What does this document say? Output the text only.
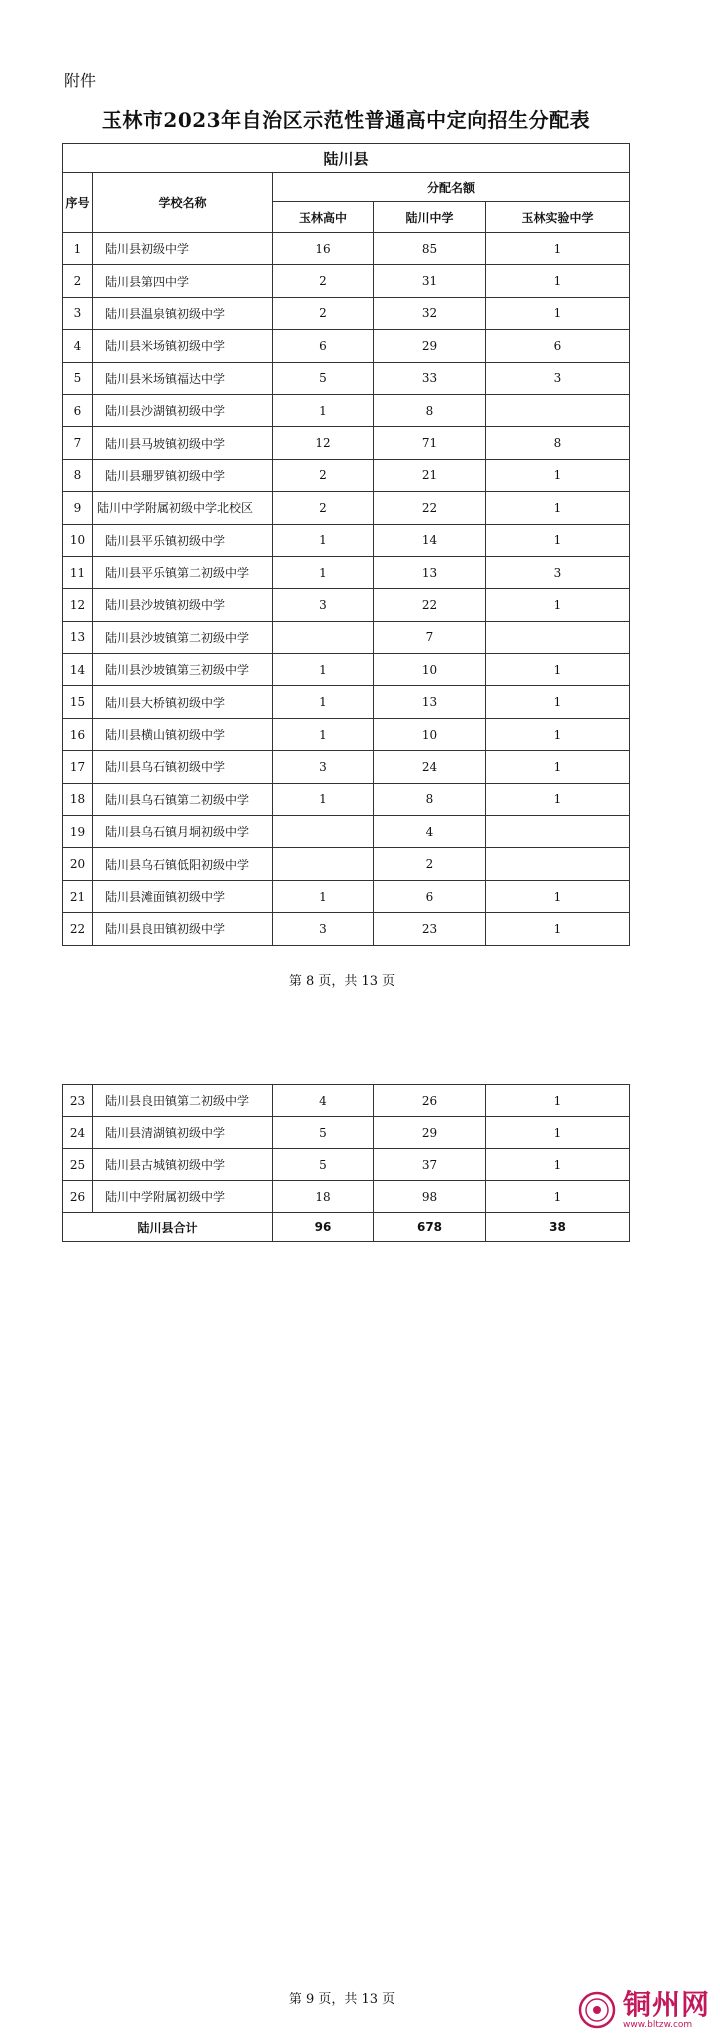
附件
玉林市2023年自治区示范性普通高中定向招生分配表
陆川县				
序号	学校名称	分配名额		
		玉林高中	陆川中学	玉林实验中学
1	陆川县初级中学	16	85	1
2	陆川县第四中学	2	31	1
3	陆川县温泉镇初级中学	2	32	1
4	陆川县米场镇初级中学	6	29	6
5	陆川县米场镇福达中学	5	33	3
6	陆川县沙湖镇初级中学	1	8	
7	陆川县马坡镇初级中学	12	71	8
8	陆川县珊罗镇初级中学	2	21	1
9	陆川中学附属初级中学北校区	2	22	1
10	陆川县平乐镇初级中学	1	14	1
11	陆川县平乐镇第二初级中学	1	13	3
12	陆川县沙坡镇初级中学	3	22	1
13	陆川县沙坡镇第二初级中学		7	
14	陆川县沙坡镇第三初级中学	1	10	1
15	陆川县大桥镇初级中学	1	13	1
16	陆川县横山镇初级中学	1	10	1
17	陆川县乌石镇初级中学	3	24	1
18	陆川县乌石镇第二初级中学	1	8	1
19	陆川县乌石镇月垌初级中学		4	
20	陆川县乌石镇低阳初级中学		2	
21	陆川县滩面镇初级中学	1	6	1
22	陆川县良田镇初级中学	3	23	1
第 8 页，共 13 页
23	陆川县良田镇第二初级中学	4	26	1
24	陆川县清湖镇初级中学	5	29	1
25	陆川县古城镇初级中学	5	37	1
26	陆川中学附属初级中学	18	98	1
陆川县合计		96	678	38
第 9 页，共 13 页	铜州网
www.bltzw.com
